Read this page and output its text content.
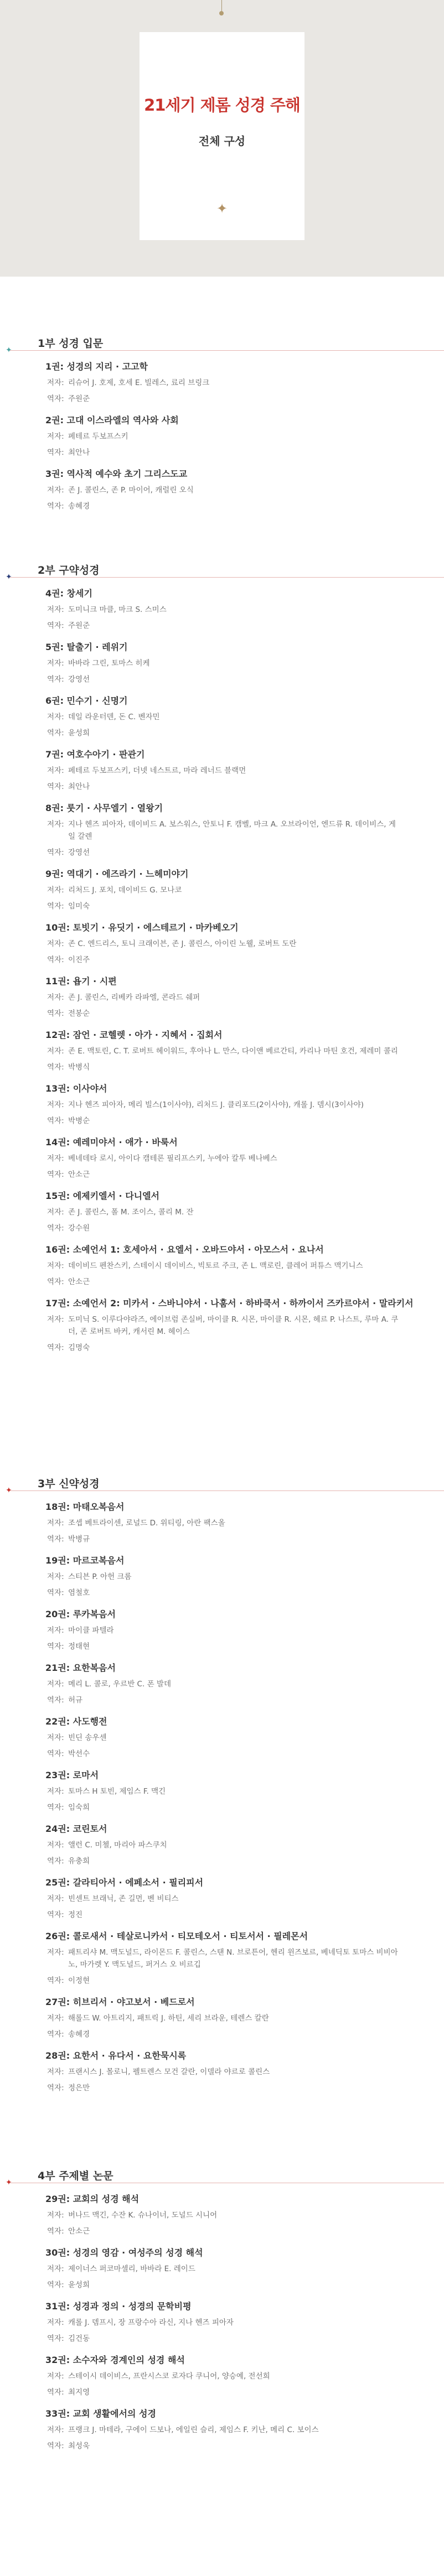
21세기 제롬 성경 주해
전체 구성
✦
1부 성경 입문
✦
1권: 성경의 지리 · 고고학
저자: 리슈어 J. 호제, 호세 E. 빌레스, 료리 브링크
역자: 주원준
2권: 고대 이스라엘의 역사와 사회
저자: 페테르 두보프스키
역자: 최안나
3권: 역사적 예수와 초기 그리스도교
저자: 존 J. 콜린스, 존 P. 마이어, 캐럴린 오식
역자: 송혜경
2부 구약성경
✦
4권: 창세기
저자: 도미니크 마클, 마크 S. 스미스
역자: 주원준
5권: 탈출기 · 레위기
저자: 바바라 그린, 토마스 히케
역자: 강영선
6권: 민수기 · 신명기
저자: 데일 라운터덴, 돈 C. 벤자민
역자: 윤성희
7권: 여호수아기 · 판관기
저자: 페테르 두보프스키, 더넷 네스트르, 마라 레너드 블랙먼
역자: 최안나
8권: 룻기 · 사무엘기 · 열왕기
저자: 지나 헨즈 피아자, 데이비드 A. 보스워스, 안토니 F. 캠벨, 마크 A. 오브라이언, 엔드류 R. 데이비스, 게일 갈렌
역자: 강영선
9권: 역대기 · 에즈라기 · 느헤미야기
저자: 리처드 J. 포치, 데이비드 G. 모나코
역자: 임미숙
10권: 토빗기 · 유딧기 · 에스테르기 · 마카베오기
저자: 존 C. 엔드리스, 토니 크래이븐, 존 J. 콜린스, 아이린 노웰, 로버트 도란
역자: 이진주
11권: 욥기 · 시편
저자: 존 J. 콜린스, 리베카 라파엘, 콘라드 쉐퍼
역자: 전봉순
12권: 잠언 · 코헬렛 · 아가 · 지혜서 · 집회서
저자: 존 E. 맥토린, C. T. 로버트 헤이워드, 후아나 L. 만스, 다이앤 베르간티, 카리나 마틴 호건, 제레미 콜리
역자: 박병식
13권: 이사야서
저자: 지나 헨즈 피아자, 메리 빌스(1이사야), 리처드 J. 클리포드(2이사야), 캐롤 J. 뎀시(3이사야)
역자: 박병순
14권: 예레미야서 · 애가 · 바룩서
저자: 베네데타 로시, 아이다 캠테론 필리프스키, 누에아 칼투 베나베스
역자: 안소근
15권: 에제키엘서 · 다니엘서
저자: 존 J. 콜린스, 폴 M. 조이스, 콜리 M. 잔
역자: 강수원
16권: 소예언서 1: 호세아서 · 요엘서 · 오바드야서 · 아모스서 · 요나서
저자: 데이비드 펜찬스키, 스테이시 데이비스, 빅토르 주크, 존 L. 맥로린, 클레어 퍼튜스 맥기니스
역자: 안소근
17권: 소예언서 2: 미카서 · 스바니야서 · 나훔서 · 하바쿡서 · 하까이서 즈카르야서 · 말라키서
저자: 도미닉 S. 이루다야라즈, 에이브럼 존실버, 마이클 R. 시몬, 마이클 R. 시몬, 헤르 P. 나스트, 루마 A. 쿠더, 존 로버트 바커, 캐서린 M. 헤이스
역자: 김명숙
3부 신약성경
✦
18권: 마태오복음서
저자: 조셉 베트라이센, 로널드 D. 위티링, 아란 팩스올
역자: 박병규
19권: 마르코복음서
저자: 스티븐 P. 아헌 크롬
역자: 염철호
20권: 루카복음서
저자: 마이클 파텔라
역자: 정태현
21권: 요한복음서
저자: 메리 L. 콜로, 우르반 C. 폰 발데
역자: 허규
22권: 사도행전
저자: 빈딘 송우센
역자: 박선수
23권: 로마서
저자: 토마스 H 토빈, 제임스 F. 맥긴
역자: 임숙희
24권: 코린토서
저자: 앨런 C. 미첼, 마리아 파스쿠치
역자: 유충희
25권: 갈라티아서 · 에페소서 · 필리피서
저자: 빈센트 브래닉, 존 길먼, 벤 비티스
역자: 정진
26권: 콜로새서 · 테살로니카서 · 티모테오서 · 티토서서 · 필레몬서
저자: 패트리샤 M. 맥도널드, 라이몬드 F. 콜린스, 스탠 N. 브로튼어, 헨리 윈즈보르, 베네딕토 토마스 비비아노, 마가렛 Y. 맥도널드, 퍼거스 오 비르깁
역자: 이정현
27권: 히브리서 · 야고보서 · 베드로서
저자: 해롤드 W. 아트리지, 패트릭 J. 하틴, 세리 브라운, 테렌스 칼란
역자: 송혜경
28권: 요한서 · 유다서 · 요한묵시록
저자: 프랜시스 J. 몰로니, 펠트렌스 모건 갈란, 이델라 야르로 콜린스
역자: 정은만
4부 주제별 논문
✦
29권: 교회의 성경 해석
저자: 버나드 맥긴, 수잔 K. 슈나이너, 도널드 시니어
역자: 안소근
30권: 성경의 영감 · 여성주의 성경 해석
저자: 제이너스 퍼코마셀리, 바바라 E. 레이드
역자: 윤성희
31권: 성경과 정의 · 성경의 문학비평
저자: 캐롤 J. 뎀프시, 장 프랑수아 라신, 지나 헨즈 피아자
역자: 김건동
32권: 소수자와 경계인의 성경 해석
저자: 스테이시 데이비스, 프란시스코 로자다 쿠니어, 양승예, 전선희
역자: 최지영
33권: 교회 생활에서의 성경
저자: 프랭크 J. 마테라, 구에이 드보나, 에일린 슬리, 제임스 F. 키난, 메리 C. 보이스
역자: 최성욱
